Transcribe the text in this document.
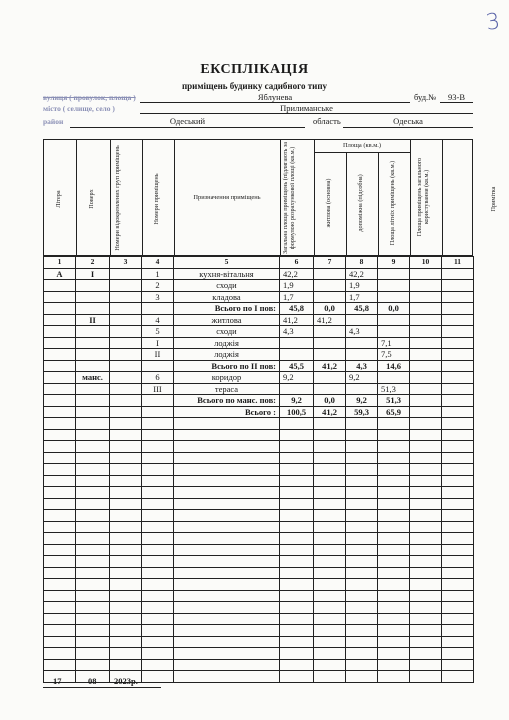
3
ЕКСПЛІКАЦІЯ
приміщень будинку садибного типу
вулиця ( провулок, площа )	Яблунева	буд.№	93-В
місто ( селище, село )	Прилиманське
район	Одеський	область	Одеська
Літера	Поверх	Номери відокремлених груп приміщень	Номери приміщень	Призначення приміщень	Загальна площа приміщень (підлягають за формулою розрахункової площі (кв.м.)
Площа (кв.м.)
житлова (основна)	допоміжна (підсобна)	Площа літніх приміщень (кв.м.)	Площа приміщень загального користування (кв.м.)	Примітка
1	2	3	4	5	6	7	8	9	10	11
А	I		1	кухня-вітальня	42,2		42,2			
			2	сходи	1,9		1,9			
			3	кладова	1,7		1,7			
				Всього по І пов:	45,8	0,0	45,8	0,0		
	II		4	житлова	41,2	41,2				
			5	сходи	4,3		4,3			
			I	лоджія				7,1		
			II	лоджія				7,5		
				Всього по ІІ пов:	45,5	41,2	4,3	14,6		
	манс.		6	коридор	9,2		9,2			
			III	тераса				51,3		
				Всього по манс. пов:	9,2	0,0	9,2	51,3		
				Всього :	100,5	41,2	59,3	65,9		

17	08 2023р.
